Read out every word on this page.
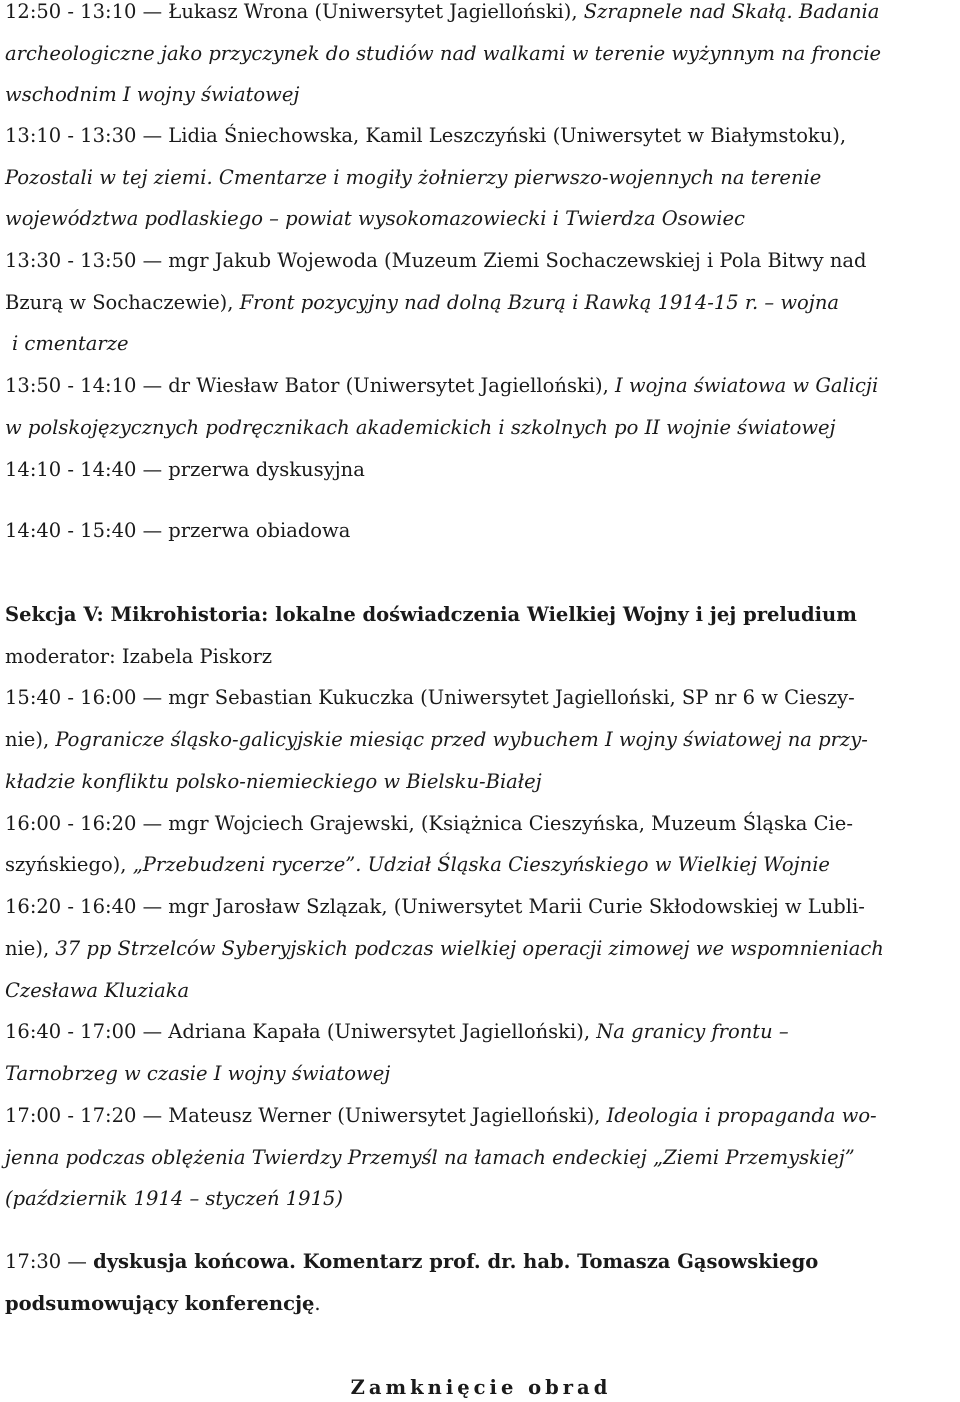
12:50 - 13:10 — Łukasz Wrona (Uniwersytet Jagielloński), Szrapnele nad Skałą. Badania
archeologiczne jako przyczynek do studiów nad walkami w terenie wyżynnym na froncie
wschodnim I wojny światowej
13:10 - 13:30 — Lidia Śniechowska, Kamil Leszczyński (Uniwersytet w Białymstoku),
Pozostali w tej ziemi. Cmentarze i mogiły żołnierzy pierwszo-wojennych na terenie
województwa podlaskiego – powiat wysokomazowiecki i Twierdza Osowiec
13:30 - 13:50 — mgr Jakub Wojewoda (Muzeum Ziemi Sochaczewskiej i Pola Bitwy nad
Bzurą w Sochaczewie), Front pozycyjny nad dolną Bzurą i Rawką 1914-15 r. – wojna
i cmentarze
13:50 - 14:10 — dr Wiesław Bator (Uniwersytet Jagielloński), I wojna światowa w Galicji
w polskojęzycznych podręcznikach akademickich i szkolnych po II wojnie światowej
14:10 - 14:40 — przerwa dyskusyjna
14:40 - 15:40 — przerwa obiadowa
Sekcja V: Mikrohistoria: lokalne doświadczenia Wielkiej Wojny i jej preludium
moderator: Izabela Piskorz
15:40 - 16:00 — mgr Sebastian Kukuczka (Uniwersytet Jagielloński, SP nr 6 w Cieszy-
nie), Pogranicze śląsko-galicyjskie miesiąc przed wybuchem I wojny światowej na przy-
kładzie konfliktu polsko-niemieckiego w Bielsku-Białej
16:00 - 16:20 — mgr Wojciech Grajewski, (Książnica Cieszyńska, Muzeum Śląska Cie-
szyńskiego), „Przebudzeni rycerze”. Udział Śląska Cieszyńskiego w Wielkiej Wojnie
16:20 - 16:40 — mgr Jarosław Szlązak, (Uniwersytet Marii Curie Skłodowskiej w Lubli-
nie), 37 pp Strzelców Syberyjskich podczas wielkiej operacji zimowej we wspomnieniach
Czesława Kluziaka
16:40 - 17:00 — Adriana Kapała (Uniwersytet Jagielloński), Na granicy frontu –
Tarnobrzeg w czasie I wojny światowej
17:00 - 17:20 — Mateusz Werner (Uniwersytet Jagielloński), Ideologia i propaganda wo-
jenna podczas oblężenia Twierdzy Przemyśl na łamach endeckiej „Ziemi Przemyskiej”
(październik 1914 – styczeń 1915)
17:30 — dyskusja końcowa. Komentarz prof. dr. hab. Tomasza Gąsowskiego
podsumowujący konferencję.
Zamknięcie obrad
